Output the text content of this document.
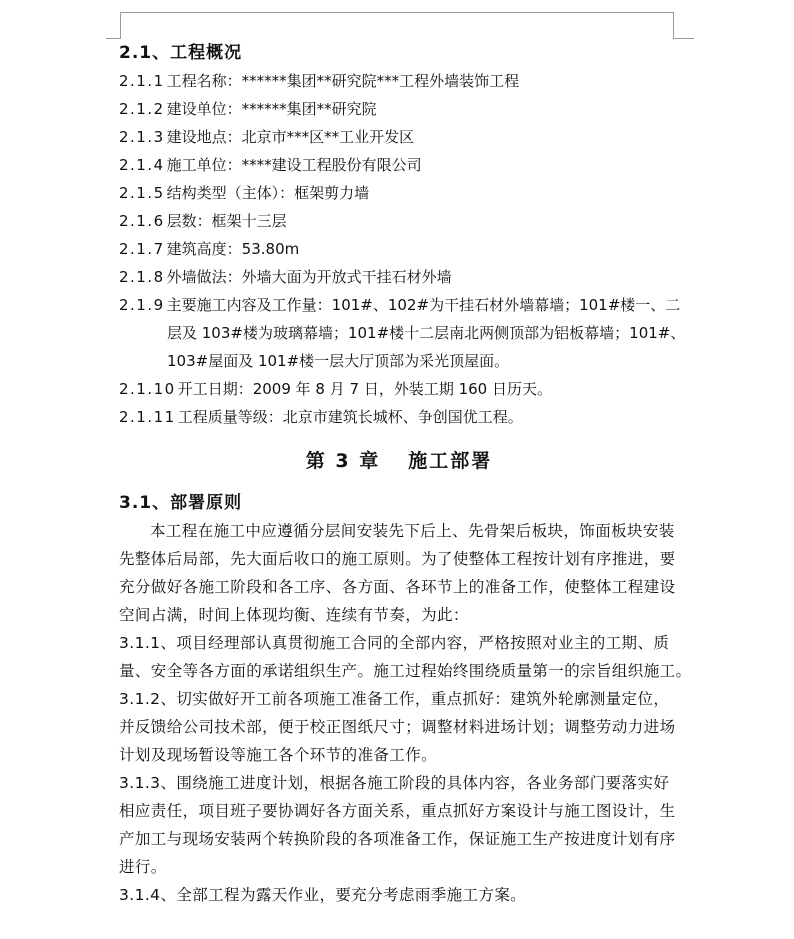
2.1、工程概况
2.1.1 工程名称：******集团**研究院***工程外墙装饰工程
2.1.2 建设单位：******集团**研究院
2.1.3 建设地点：北京市***区**工业开发区
2.1.4 施工单位：****建设工程股份有限公司
2.1.5 结构类型（主体）：框架剪力墙
2.1.6 层数：框架十三层
2.1.7 建筑高度：53.80m
2.1.8 外墙做法：外墙大面为开放式干挂石材外墙
2.1.9 主要施工内容及工作量：101#、102#为干挂石材外墙幕墙；101#楼一、二
层及 103#楼为玻璃幕墙；101#楼十二层南北两侧顶部为铝板幕墙；101#、
103#屋面及 101#楼一层大厅顶部为采光顶屋面。
2.1.10 开工日期：2009 年 8 月 7 日，外装工期 160 日历天。
2.1.11 工程质量等级：北京市建筑长城杯、争创国优工程。
第 3 章 施工部署
3.1、部署原则
本工程在施工中应遵循分层间安装先下后上、先骨架后板块，饰面板块安装
先整体后局部，先大面后收口的施工原则。为了使整体工程按计划有序推进，要
充分做好各施工阶段和各工序、各方面、各环节上的准备工作，使整体工程建设
空间占满，时间上体现均衡、连续有节奏，为此：
3.1.1、项目经理部认真贯彻施工合同的全部内容，严格按照对业主的工期、质
量、安全等各方面的承诺组织生产。施工过程始终围绕质量第一的宗旨组织施工。
3.1.2、切实做好开工前各项施工准备工作，重点抓好：建筑外轮廓测量定位，
并反馈给公司技术部，便于校正图纸尺寸；调整材料进场计划；调整劳动力进场
计划及现场暂设等施工各个环节的准备工作。
3.1.3、围绕施工进度计划，根据各施工阶段的具体内容，各业务部门要落实好
相应责任，项目班子要协调好各方面关系，重点抓好方案设计与施工图设计，生
产加工与现场安装两个转换阶段的各项准备工作，保证施工生产按进度计划有序
进行。
3.1.4、全部工程为露天作业，要充分考虑雨季施工方案。
